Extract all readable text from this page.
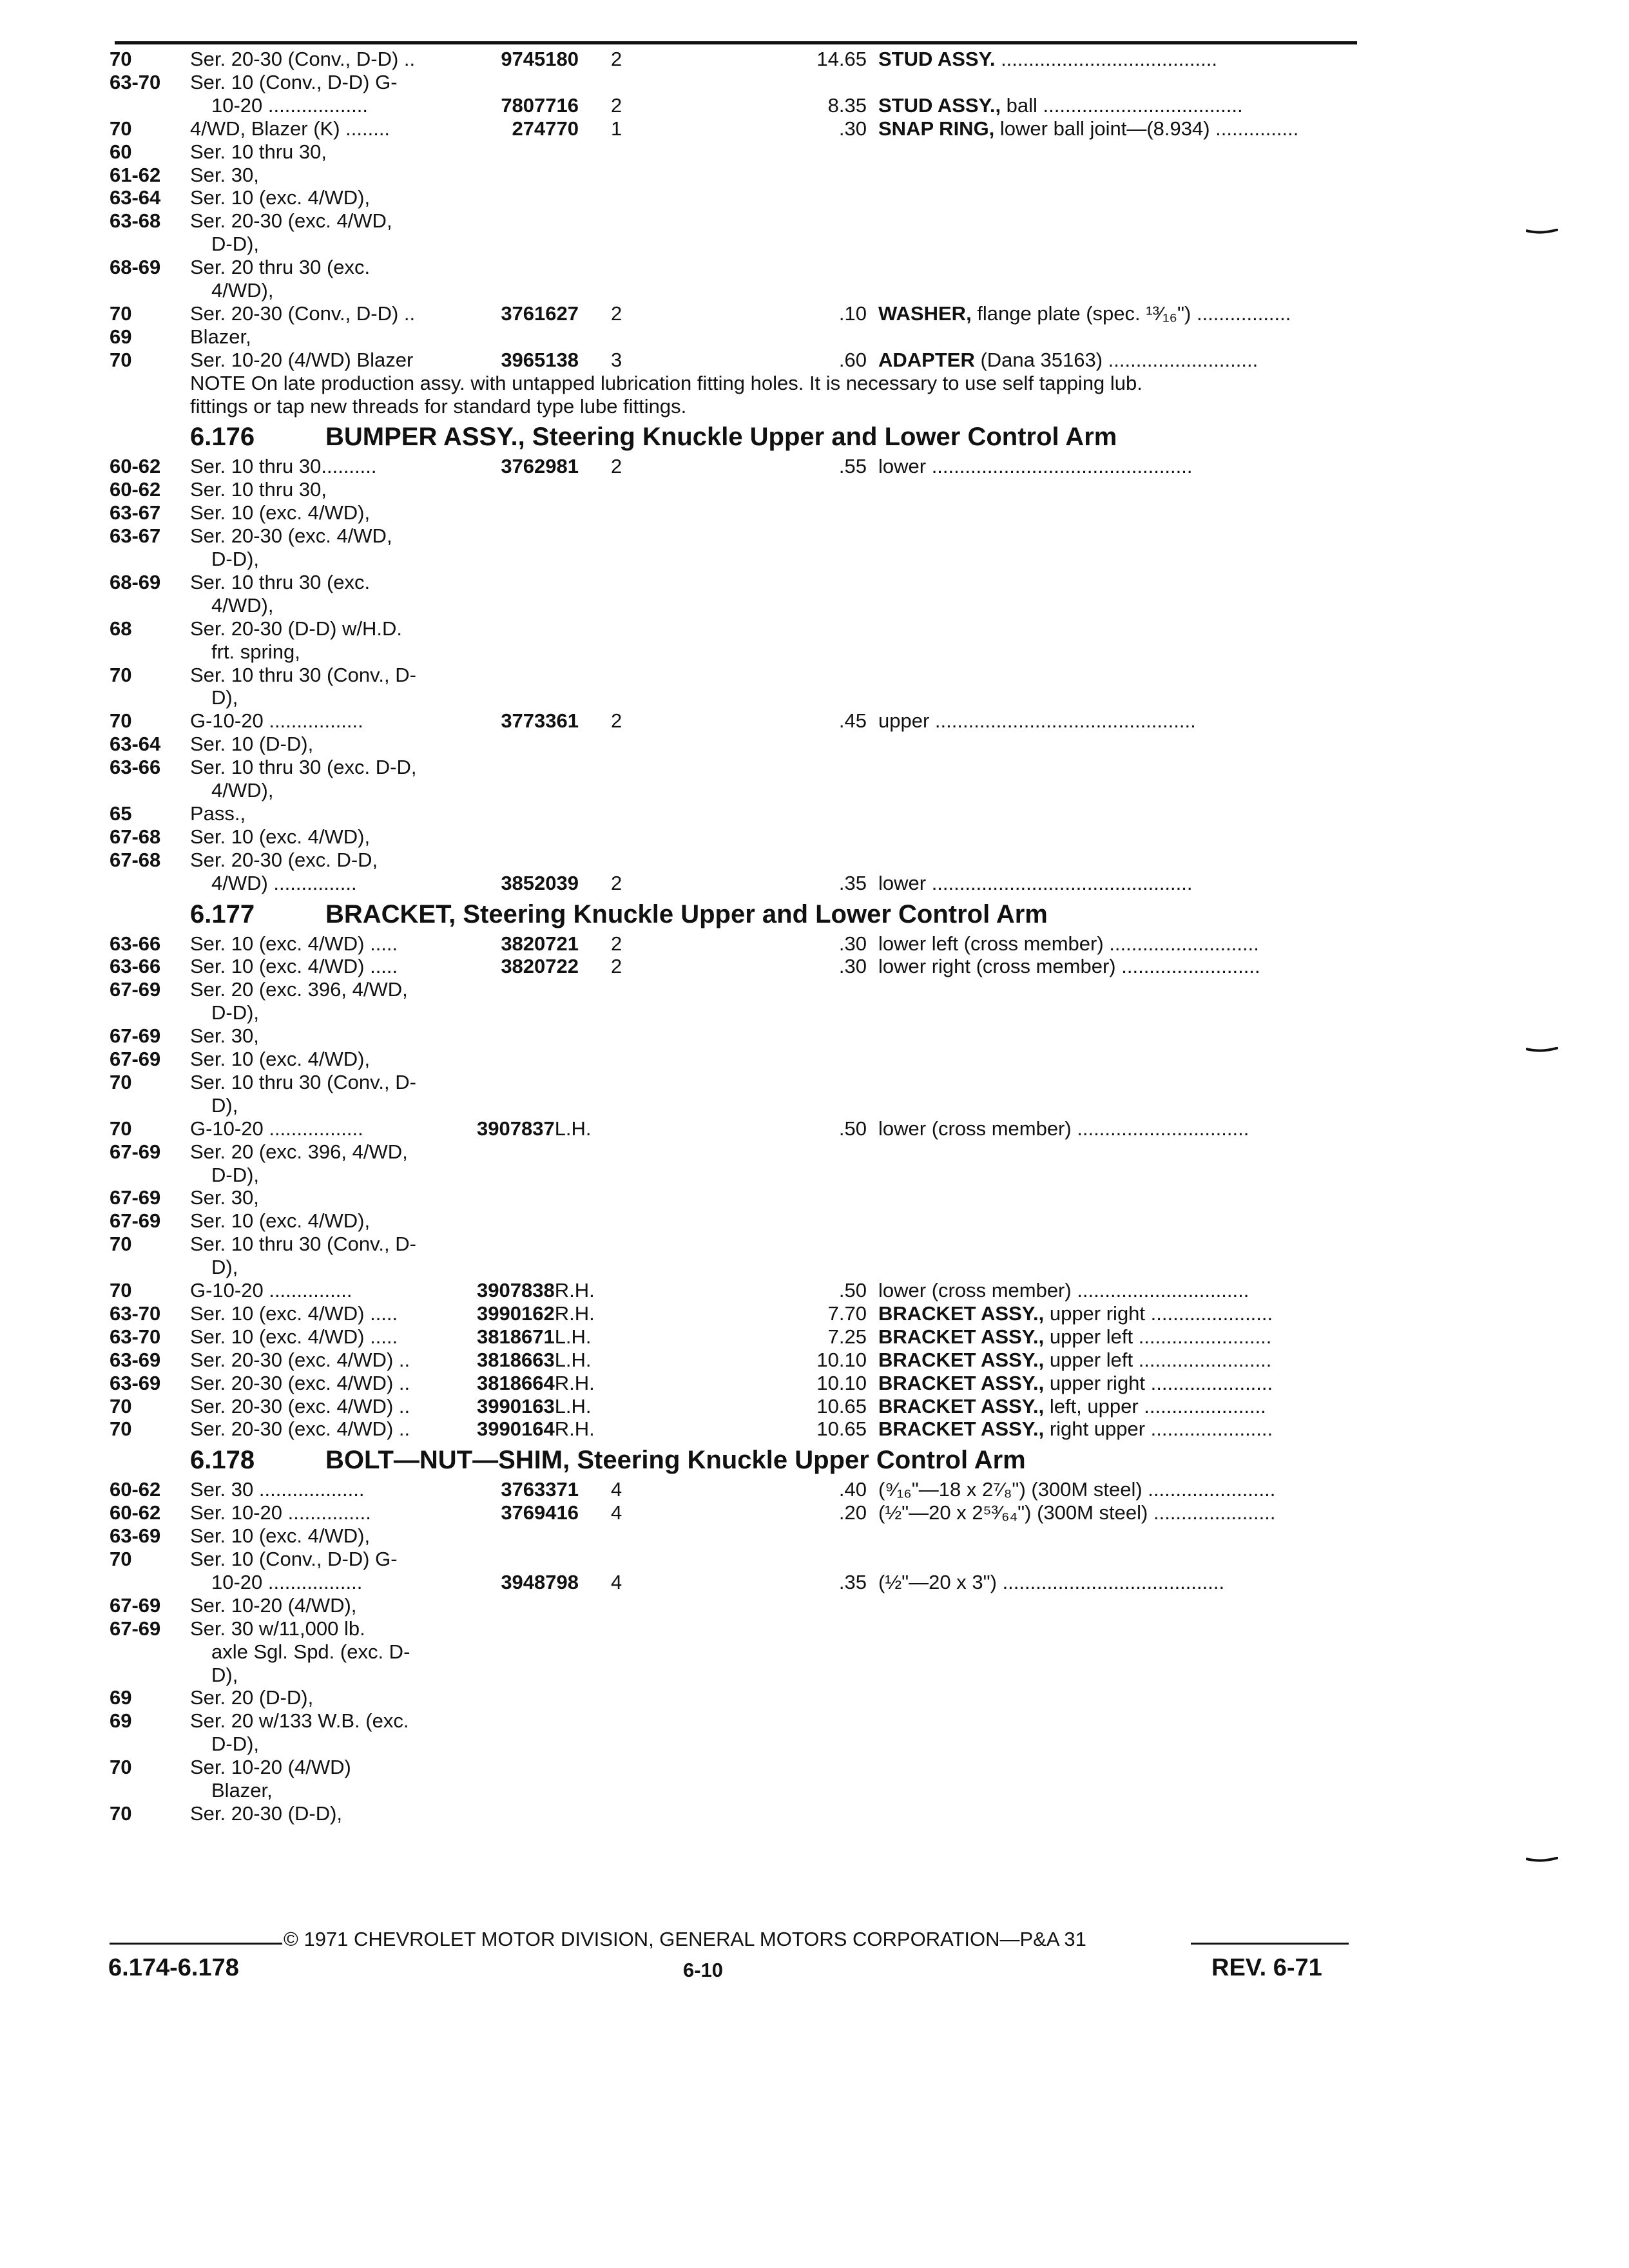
70	Ser. 20-30 (Conv., D-D) ..	9745180 2	14.65 STUD ASSY. .......................................
63-70	Ser. 10 (Conv., D-D) G-
10-20 ..................	7807716 2	8.35 STUD ASSY., ball ....................................
70	4/WD, Blazer (K) ........	274770 1	.30 SNAP RING, lower ball joint—(8.934) ...............
60	Ser. 10 thru 30,
61-62	Ser. 30,
63-64	Ser. 10 (exc. 4/WD),
63-68	Ser. 20-30 (exc. 4/WD,
D-D),
68-69	Ser. 20 thru 30 (exc.
4/WD),
70	Ser. 20-30 (Conv., D-D) ..	3761627 2	.10 WASHER, flange plate (spec. ¹³⁄₁₆") .................
69	Blazer,
70	Ser. 10-20 (4/WD) Blazer	3965138 3	.60 ADAPTER (Dana 35163) ...........................
NOTE On late production assy. with untapped lubrication fitting holes. It is necessary to use self tapping lub.
fittings or tap new threads for standard type lube fittings.
6.176	BUMPER ASSY., Steering Knuckle Upper and Lower Control Arm
60-62	Ser. 10 thru 30..........	3762981 2	.55 lower ...............................................
60-62	Ser. 10 thru 30,
63-67	Ser. 10 (exc. 4/WD),
63-67	Ser. 20-30 (exc. 4/WD,
D-D),
68-69	Ser. 10 thru 30 (exc.
4/WD),
68	Ser. 20-30 (D-D) w/H.D.
frt. spring,
70	Ser. 10 thru 30 (Conv., D-
D),
70	G-10-20 .................	3773361 2	.45 upper ...............................................
63-64	Ser. 10 (D-D),
63-66	Ser. 10 thru 30 (exc. D-D,
4/WD),
65	Pass.,
67-68	Ser. 10 (exc. 4/WD),
67-68	Ser. 20-30 (exc. D-D,
4/WD) ...............	3852039 2	.35 lower ...............................................
6.177	BRACKET, Steering Knuckle Upper and Lower Control Arm
63-66	Ser. 10 (exc. 4/WD) .....	3820721 2	.30 lower left (cross member) ...........................
63-66	Ser. 10 (exc. 4/WD) .....	3820722 2	.30 lower right (cross member) .........................
67-69	Ser. 20 (exc. 396, 4/WD,
D-D),
67-69	Ser. 30,
67-69	Ser. 10 (exc. 4/WD),
70	Ser. 10 thru 30 (Conv., D-
D),
70	G-10-20 .................	3907837L.H.	.50 lower (cross member) ...............................
67-69	Ser. 20 (exc. 396, 4/WD,
D-D),
67-69	Ser. 30,
67-69	Ser. 10 (exc. 4/WD),
70	Ser. 10 thru 30 (Conv., D-
D),
70	G-10-20 ...............	3907838R.H.	.50 lower (cross member) ...............................
63-70	Ser. 10 (exc. 4/WD) .....	3990162R.H.	7.70 BRACKET ASSY., upper right ......................
63-70	Ser. 10 (exc. 4/WD) .....	3818671L.H.	7.25 BRACKET ASSY., upper left ........................
63-69	Ser. 20-30 (exc. 4/WD) ..	3818663L.H.	10.10 BRACKET ASSY., upper left ........................
63-69	Ser. 20-30 (exc. 4/WD) ..	3818664R.H.	10.10 BRACKET ASSY., upper right ......................
70	Ser. 20-30 (exc. 4/WD) ..	3990163L.H.	10.65 BRACKET ASSY., left, upper ......................
70	Ser. 20-30 (exc. 4/WD) ..	3990164R.H.	10.65 BRACKET ASSY., right upper ......................
6.178	BOLT—NUT—SHIM, Steering Knuckle Upper Control Arm
60-62	Ser. 30 ...................	3763371 4	.40 (⁹⁄₁₆"—18 x 2⁷⁄₈") (300M steel) .......................
60-62	Ser. 10-20 ...............	3769416 4	.20 (½"—20 x 2⁵³⁄₆₄") (300M steel) ......................
63-69	Ser. 10 (exc. 4/WD),
70	Ser. 10 (Conv., D-D) G-
10-20 .................	3948798 4	.35 (½"—20 x 3") ........................................
67-69	Ser. 10-20 (4/WD),
67-69	Ser. 30 w/11,000 lb.
axle Sgl. Spd. (exc. D-
D),
69	Ser. 20 (D-D),
69	Ser. 20 w/133 W.B. (exc.
D-D),
70	Ser. 10-20 (4/WD)
Blazer,
70	Ser. 20-30 (D-D),
© 1971 CHEVROLET MOTOR DIVISION, GENERAL MOTORS CORPORATION—P&A 31
6.174-6.178	6-10	REV. 6-71
